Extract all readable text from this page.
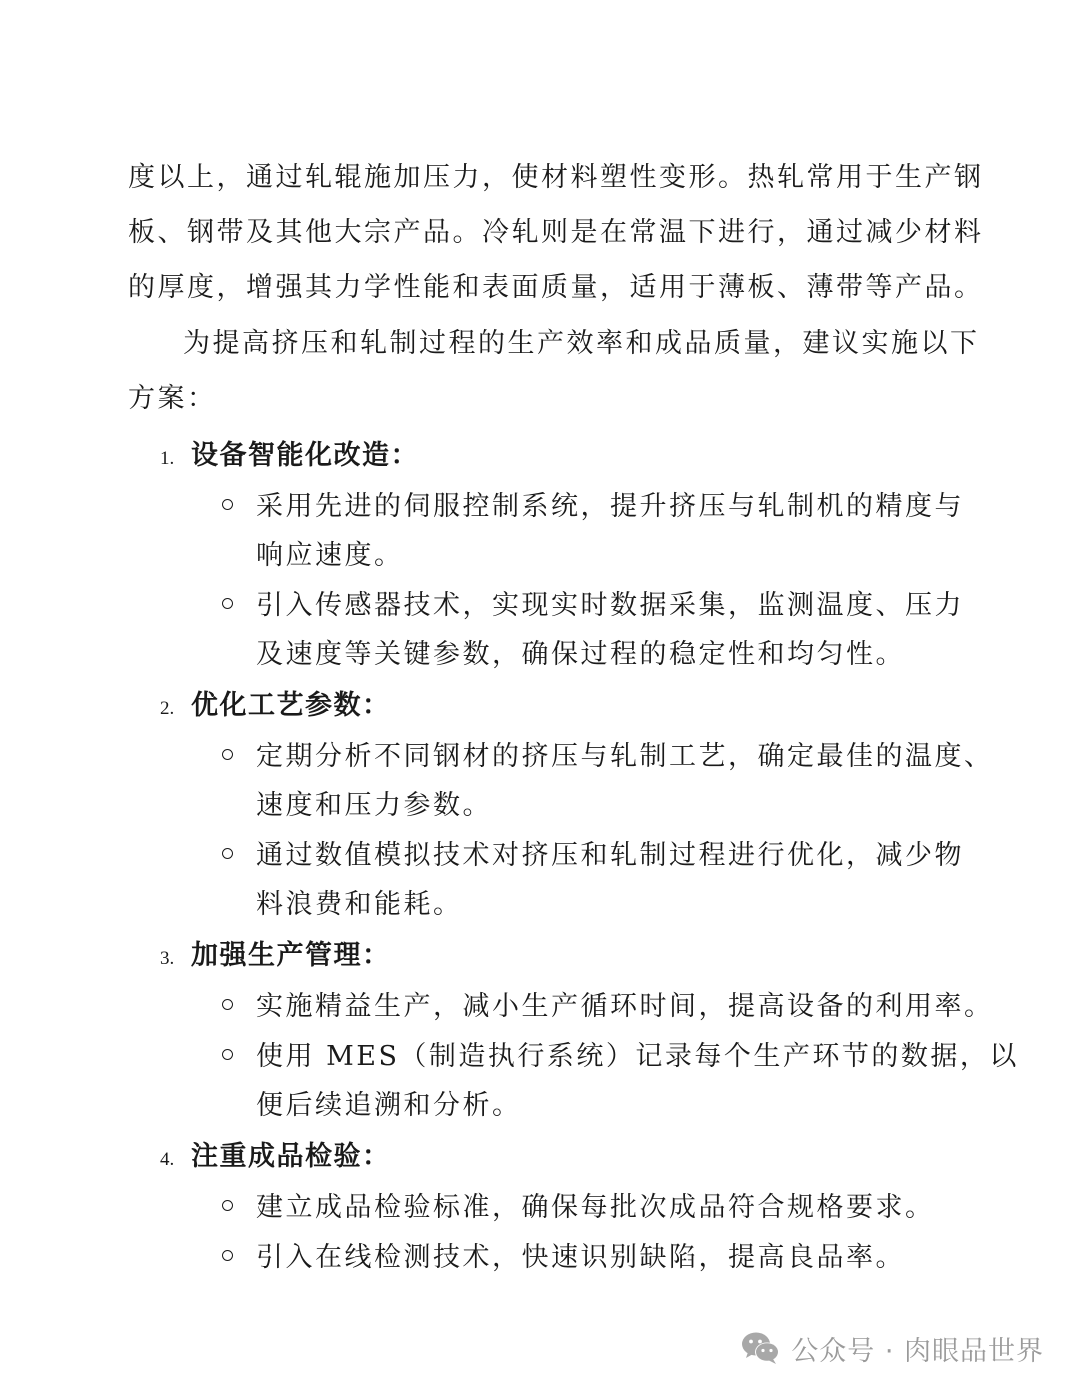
度以上，通过轧辊施加压力，使材料塑性变形。热轧常用于生产钢
板、钢带及其他大宗产品。冷轧则是在常温下进行，通过减少材料
的厚度，增强其力学性能和表面质量，适用于薄板、薄带等产品。

为提高挤压和轧制过程的生产效率和成品质量，建议实施以下
方案：

1. 设备智能化改造：
采用先进的伺服控制系统，提升挤压与轧制机的精度与
响应速度。
引入传感器技术，实现实时数据采集，监测温度、压力
及速度等关键参数，确保过程的稳定性和均匀性。
2. 优化工艺参数：
定期分析不同钢材的挤压与轧制工艺，确定最佳的温度、
速度和压力参数。
通过数值模拟技术对挤压和轧制过程进行优化，减少物
料浪费和能耗。
3. 加强生产管理：
实施精益生产，减小生产循环时间，提高设备的利用率。
使用 MES（制造执行系统）记录每个生产环节的数据，以
便后续追溯和分析。
4. 注重成品检验：
建立成品检验标准，确保每批次成品符合规格要求。
引入在线检测技术，快速识别缺陷，提高良品率。
公众号 · 肉眼品世界
